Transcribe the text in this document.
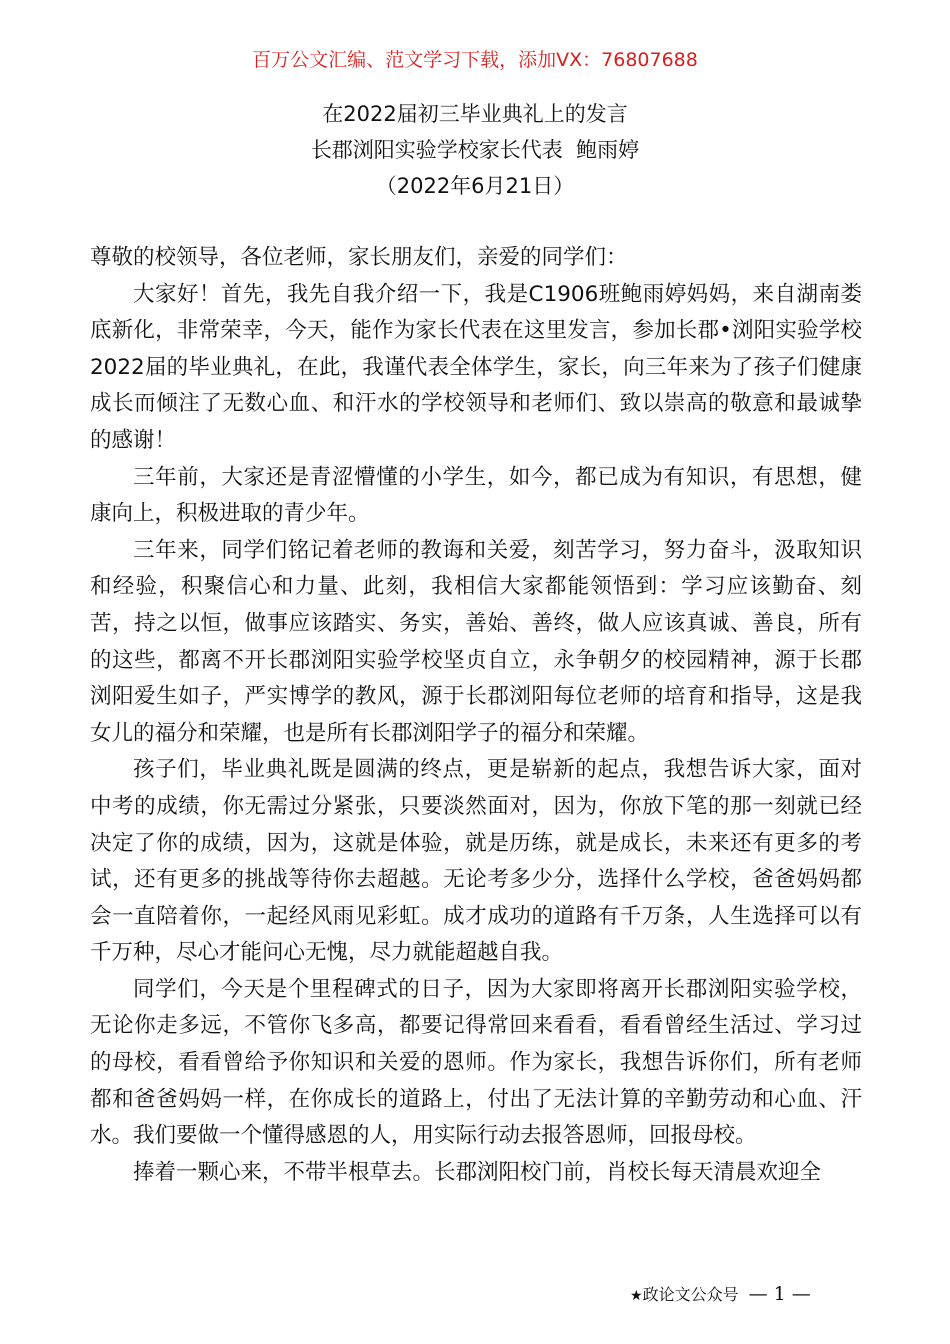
百万公文汇编、范文学习下载，添加VX：76807688
在2022届初三毕业典礼上的发言
长郡浏阳实验学校家长代表  鲍雨婷
（2022年6月21日）

尊敬的校领导，各位老师，家长朋友们，亲爱的同学们：

大家好！首先，我先自我介绍一下，我是C1906班鲍雨婷妈妈，来自湖南娄底新化，非常荣幸，今天，能作为家长代表在这里发言，参加长郡•浏阳实验学校2022届的毕业典礼，在此，我谨代表全体学生，家长，向三年来为了孩子们健康成长而倾注了无数心血、和汗水的学校领导和老师们、致以崇高的敬意和最诚挚的感谢！

三年前，大家还是青涩懵懂的小学生，如今，都已成为有知识，有思想，健康向上，积极进取的青少年。

三年来，同学们铭记着老师的教诲和关爱，刻苦学习，努力奋斗，汲取知识和经验，积聚信心和力量、此刻，我相信大家都能领悟到：学习应该勤奋、刻苦，持之以恒，做事应该踏实、务实，善始、善终，做人应该真诚、善良，所有的这些，都离不开长郡浏阳实验学校坚贞自立，永争朝夕的校园精神，源于长郡浏阳爱生如子，严实博学的教风，源于长郡浏阳每位老师的培育和指导，这是我女儿的福分和荣耀，也是所有长郡浏阳学子的福分和荣耀。

孩子们，毕业典礼既是圆满的终点，更是崭新的起点，我想告诉大家，面对中考的成绩，你无需过分紧张，只要淡然面对，因为，你放下笔的那一刻就已经决定了你的成绩，因为，这就是体验，就是历练，就是成长，未来还有更多的考试，还有更多的挑战等待你去超越。无论考多少分，选择什么学校，爸爸妈妈都会一直陪着你，一起经风雨见彩虹。成才成功的道路有千万条，人生选择可以有千万种，尽心才能问心无愧，尽力就能超越自我。

同学们，今天是个里程碑式的日子，因为大家即将离开长郡浏阳实验学校，无论你走多远，不管你飞多高，都要记得常回来看看，看看曾经生活过、学习过的母校，看看曾给予你知识和关爱的恩师。作为家长，我想告诉你们，所有老师都和爸爸妈妈一样，在你成长的道路上，付出了无法计算的辛勤劳动和心血、汗水。我们要做一个懂得感恩的人，用实际行动去报答恩师，回报母校。

捧着一颗心来，不带半根草去。长郡浏阳校门前，肖校长每天清晨欢迎全

★政论文公众号 — 1 —
